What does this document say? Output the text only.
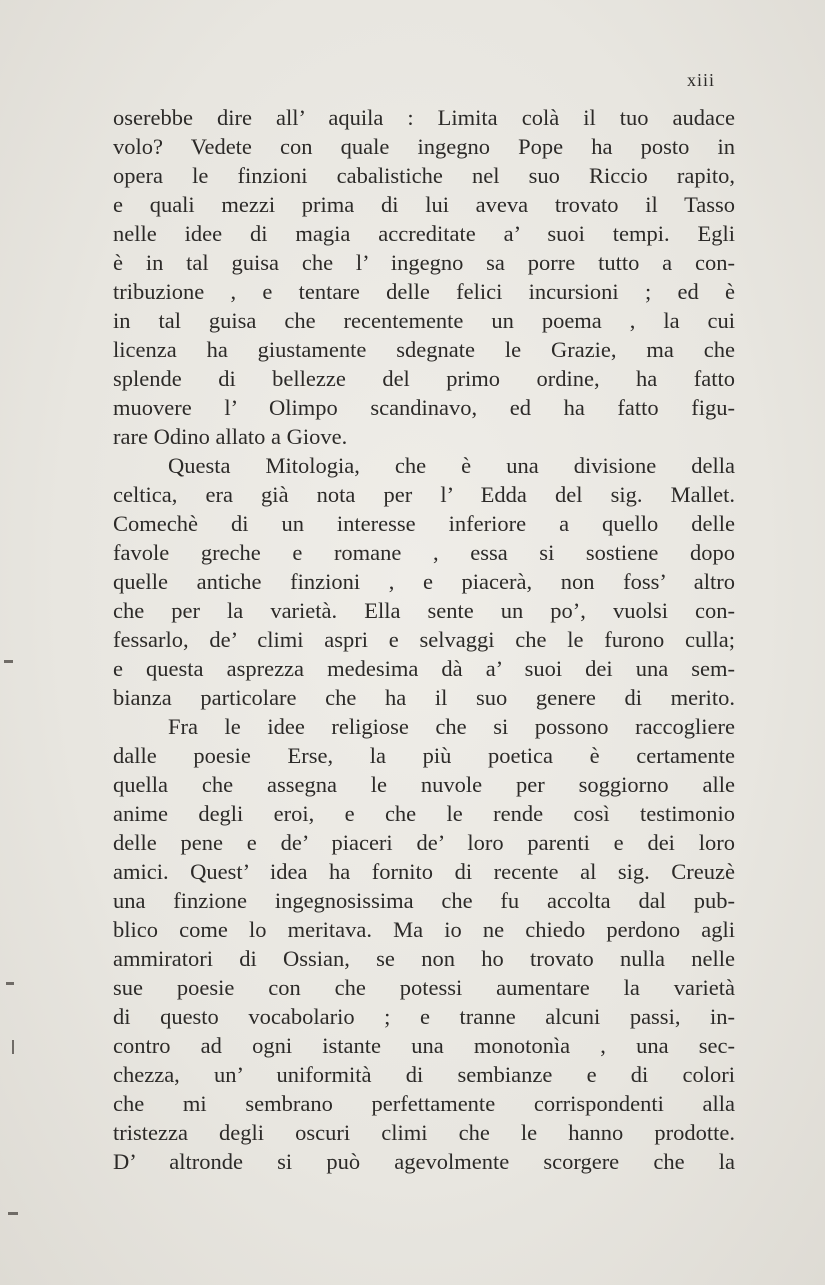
xiii
oserebbe dire all’ aquila : Limita colà il tuo audace
volo? Vedete con quale ingegno Pope ha posto in
opera le finzioni cabalistiche nel suo Riccio rapito,
e quali mezzi prima di lui aveva trovato il Tasso
nelle idee di magia accreditate a’ suoi tempi. Egli
è in tal guisa che l’ ingegno sa porre tutto a con-
tribuzione , e tentare delle felici incursioni ; ed è
in tal guisa che recentemente un poema , la cui
licenza ha giustamente sdegnate le Grazie, ma che
splende di bellezze del primo ordine, ha fatto
muovere l’ Olimpo scandinavo, ed ha fatto figu-
rare Odino allato a Giove.
Questa Mitologia, che è una divisione della
celtica, era già nota per l’ Edda del sig. Mallet.
Comechè di un interesse inferiore a quello delle
favole greche e romane , essa si sostiene dopo
quelle antiche finzioni , e piacerà, non foss’ altro
che per la varietà. Ella sente un po’, vuolsi con-
fessarlo, de’ climi aspri e selvaggi che le furono culla;
e questa asprezza medesima dà a’ suoi dei una sem-
bianza particolare che ha il suo genere di merito.
Fra le idee religiose che si possono raccogliere
dalle poesie Erse, la più poetica è certamente
quella che assegna le nuvole per soggiorno alle
anime degli eroi, e che le rende così testimonio
delle pene e de’ piaceri de’ loro parenti e dei loro
amici. Quest’ idea ha fornito di recente al sig. Creuzè
una finzione ingegnosissima che fu accolta dal pub-
blico come lo meritava. Ma io ne chiedo perdono agli
ammiratori di Ossian, se non ho trovato nulla nelle
sue poesie con che potessi aumentare la varietà
di questo vocabolario ; e tranne alcuni passi, in-
contro ad ogni istante una monotonìa , una sec-
chezza, un’ uniformità di sembianze e di colori
che mi sembrano perfettamente corrispondenti alla
tristezza degli oscuri climi che le hanno prodotte.
D’ altronde si può agevolmente scorgere che la
